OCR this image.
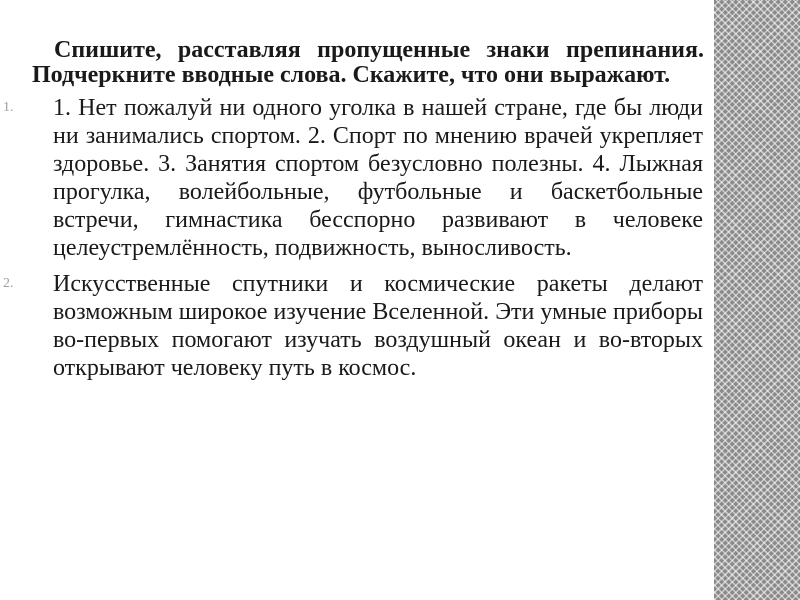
Спишите, расставляя пропущенные знаки препинания. Подчеркните вводные слова. Скажите, что они выражают.

1. 1. Нет пожалуй ни одного уголка в нашей стране, где бы люди ни занимались спортом. 2. Спорт по мнению врачей укрепляет здоровье. 3. Занятия спортом безусловно полезны. 4. Лыжная прогулка, волейбольные, футбольные и баскетбольные встречи, гимнастика бесспорно развивают в человеке целеустремлённость, подвижность, выносливость.
2. Искусственные спутники и космические ракеты делают возможным широкое изучение Вселенной. Эти умные приборы во-первых помогают изучать воздушный океан и во-вторых открывают человеку путь в космос.
